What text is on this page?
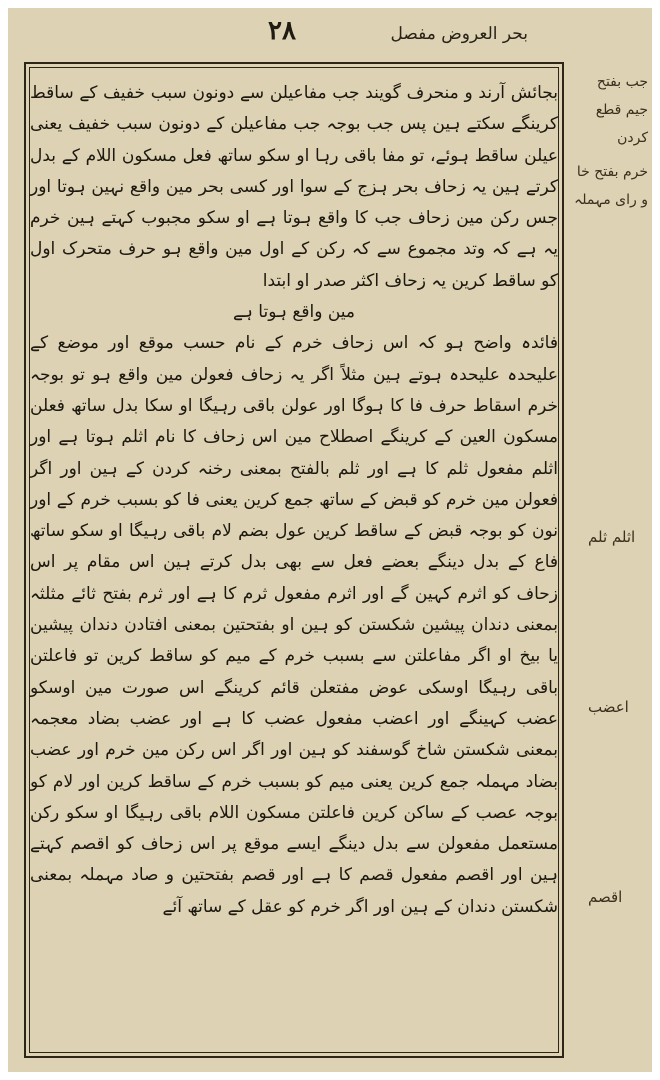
بحر العروض مفصل
۲۸

بجائش آرند و منحرف گویند جب مفاعیلن سے دونون سبب خفیف کے ساقط کرینگے سکتے ہین پس جب بوجہ جب مفاعیلن کے دونون سبب خفیف یعنی عیلن ساقط ہوئے، تو مفا باقی رہا او سکو ساتھ فعل مسکون اللام کے بدل کرتے ہین یہ زحاف بحر ہزج کے سوا اور کسی بحر مین واقع نہین ہوتا اور جس رکن مین زحاف جب کا واقع ہوتا ہے او سکو مجبوب کہتے ہین خرم یہ ہے کہ وتد مجموع سے کہ رکن کے اول مین واقع ہو حرف متحرک اول کو ساقط کرین یہ زحاف اکثر صدر او ابتدا

مین واقع ہوتا ہے

فائدہ واضح ہو کہ اس زحاف خرم کے نام حسب موقع اور موضع کے علیحدہ علیحدہ ہوتے ہین مثلاً اگر یہ زحاف فعولن مین واقع ہو تو بوجہ خرم اسقاط حرف فا کا ہوگا اور عولن باقی رہیگا او سکا بدل ساتھ فعلن مسکون العین کے کرینگے اصطلاح مین اس زحاف کا نام اثلم ہوتا ہے اور اثلم مفعول ثلم کا ہے اور ثلم بالفتح بمعنی رخنہ کردن کے ہین اور اگر فعولن مین خرم کو قبض کے ساتھ جمع کرین یعنی فا کو بسبب خرم کے اور نون کو بوجہ قبض کے ساقط کرین عول بضم لام باقی رہیگا او سکو ساتھ فاع کے بدل دینگے بعضے فعل سے بھی بدل کرتے ہین اس مقام پر اس زحاف کو اثرم کہین گے اور اثرم مفعول ثرم کا ہے اور ثرم بفتح ثائے مثلثہ بمعنی دندان پیشین شکستن کو ہین او بفتحتین بمعنی افتادن دندان پیشین یا بیخ او اگر مفاعلتن سے بسبب خرم کے میم کو ساقط کرین تو فاعلتن باقی رہیگا اوسکی عوض مفتعلن قائم کرینگے اس صورت مین اوسکو عضب کہینگے اور اعضب مفعول عضب کا ہے اور عضب بضاد معجمہ بمعنی شکستن شاخ گوسفند کو ہین اور اگر اس رکن مین خرم اور عضب بضاد مہملہ جمع کرین یعنی میم کو بسبب خرم کے ساقط کرین اور لام کو بوجہ عصب کے ساکن کرین فاعلتن مسکون اللام باقی رہیگا او سکو رکن مستعمل مفعولن سے بدل دینگے ایسے موقع پر اس زحاف کو اقصم کہتے ہین اور اقصم مفعول قصم کا ہے اور قصم بفتحتین و صاد مہملہ بمعنی شکستن دندان کے ہین اور اگر خرم کو عقل کے ساتھ آئے

جب بفتح جیم قطع کردن
خرم بفتح خا و رای مہملہ
اثلم ثلم
اعضب
اقصم
